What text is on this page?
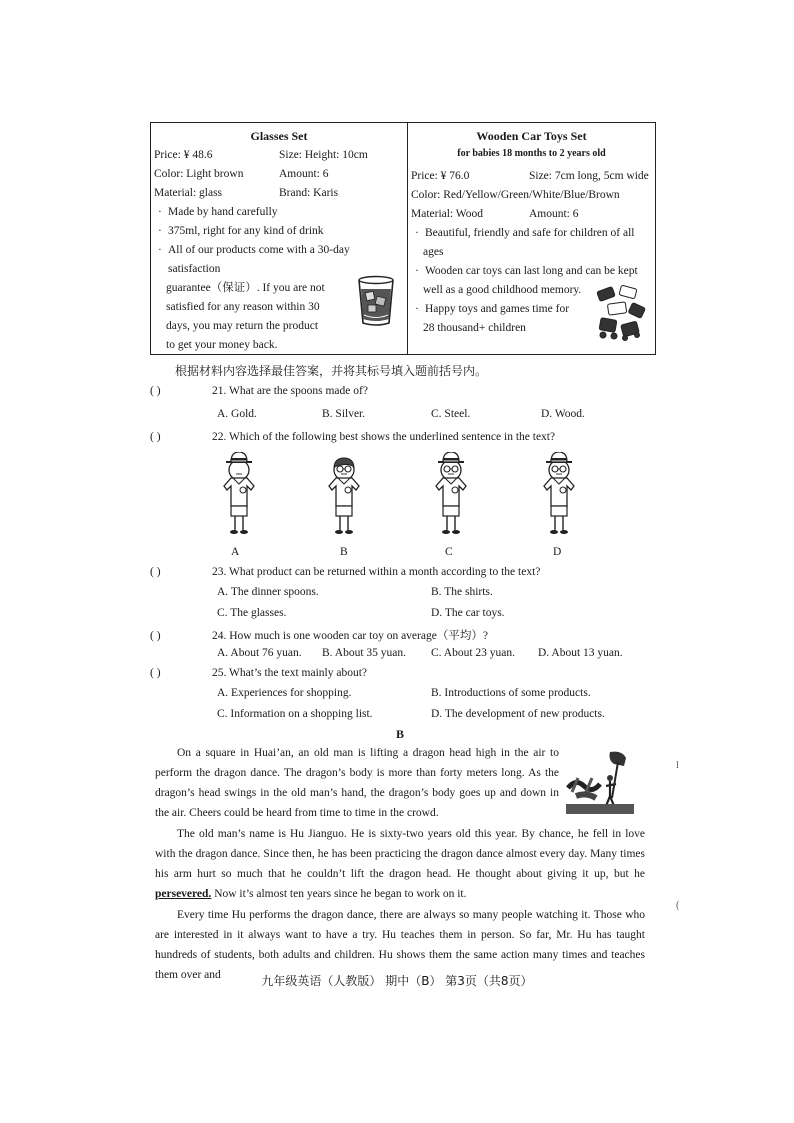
Glasses Set
Price: ¥ 48.6	Size: Height: 10cm
Color: Light brown	Amount: 6
Material: glass	Brand: Karis
· Made by hand carefully
· 375ml, right for any kind of drink
· All of our products come with a 30-day satisfaction
guarantee（保证）. If you are not
satisfied for any reason within 30
days, you may return the product
to get your money back.
Wooden Car Toys Set
for babies 18 months to 2 years old
Price: ¥ 76.0	Size: 7cm long, 5cm wide
Color: Red/Yellow/Green/White/Blue/Brown
Material: Wood	Amount: 6
· Beautiful, friendly and safe for children of all
ages
· Wooden car toys can last long and can be kept
well as a good childhood memory.
· Happy toys and games time for
28 thousand+ children
根据材料内容选择最佳答案，并将其标号填入题前括号内。
( )	21. What are the spoons made of?
A. Gold.	B. Silver.	C. Steel.	D. Wood.
( )	22. Which of the following best shows the underlined sentence in the text?
A	B	C	D
( )	23. What product can be returned within a month according to the text?
A. The dinner spoons.	B. The shirts.
C. The glasses.	D. The car toys.
( )	24. How much is one wooden car toy on average（平均）?
A. About 76 yuan. B. About 35 yuan. C. About 23 yuan. D. About 13 yuan.
( )	25. What’s the text mainly about?
A. Experiences for shopping.	B. Introductions of some products.
C. Information on a shopping list.	D. The development of new products.
B

On a square in Huai’an, an old man is lifting a dragon head high in the air to perform the dragon dance. The dragon’s body is more than forty meters long. As the dragon’s head swings in the old man’s hand, the dragon’s body goes up and down in the air. Cheers could be heard from time to time in the crowd.

The old man’s name is Hu Jianguo. He is sixty-two years old this year. By chance, he fell in love with the dragon dance. Since then, he has been practicing the dragon dance almost every day. Many times his arm hurt so much that he couldn’t lift the dragon head. He thought about giving it up, but he persevered. Now it’s almost ten years since he began to work on it.

Every time Hu performs the dragon dance, there are always so many people watching it. Those who are interested in it always want to have a try. Hu teaches them in person. So far, Mr. Hu has taught hundreds of students, both adults and children. Hu shows them the same action many times and teaches them over and	九年级英语（人教版） 期中（B） 第3页（共8页）
l
(
